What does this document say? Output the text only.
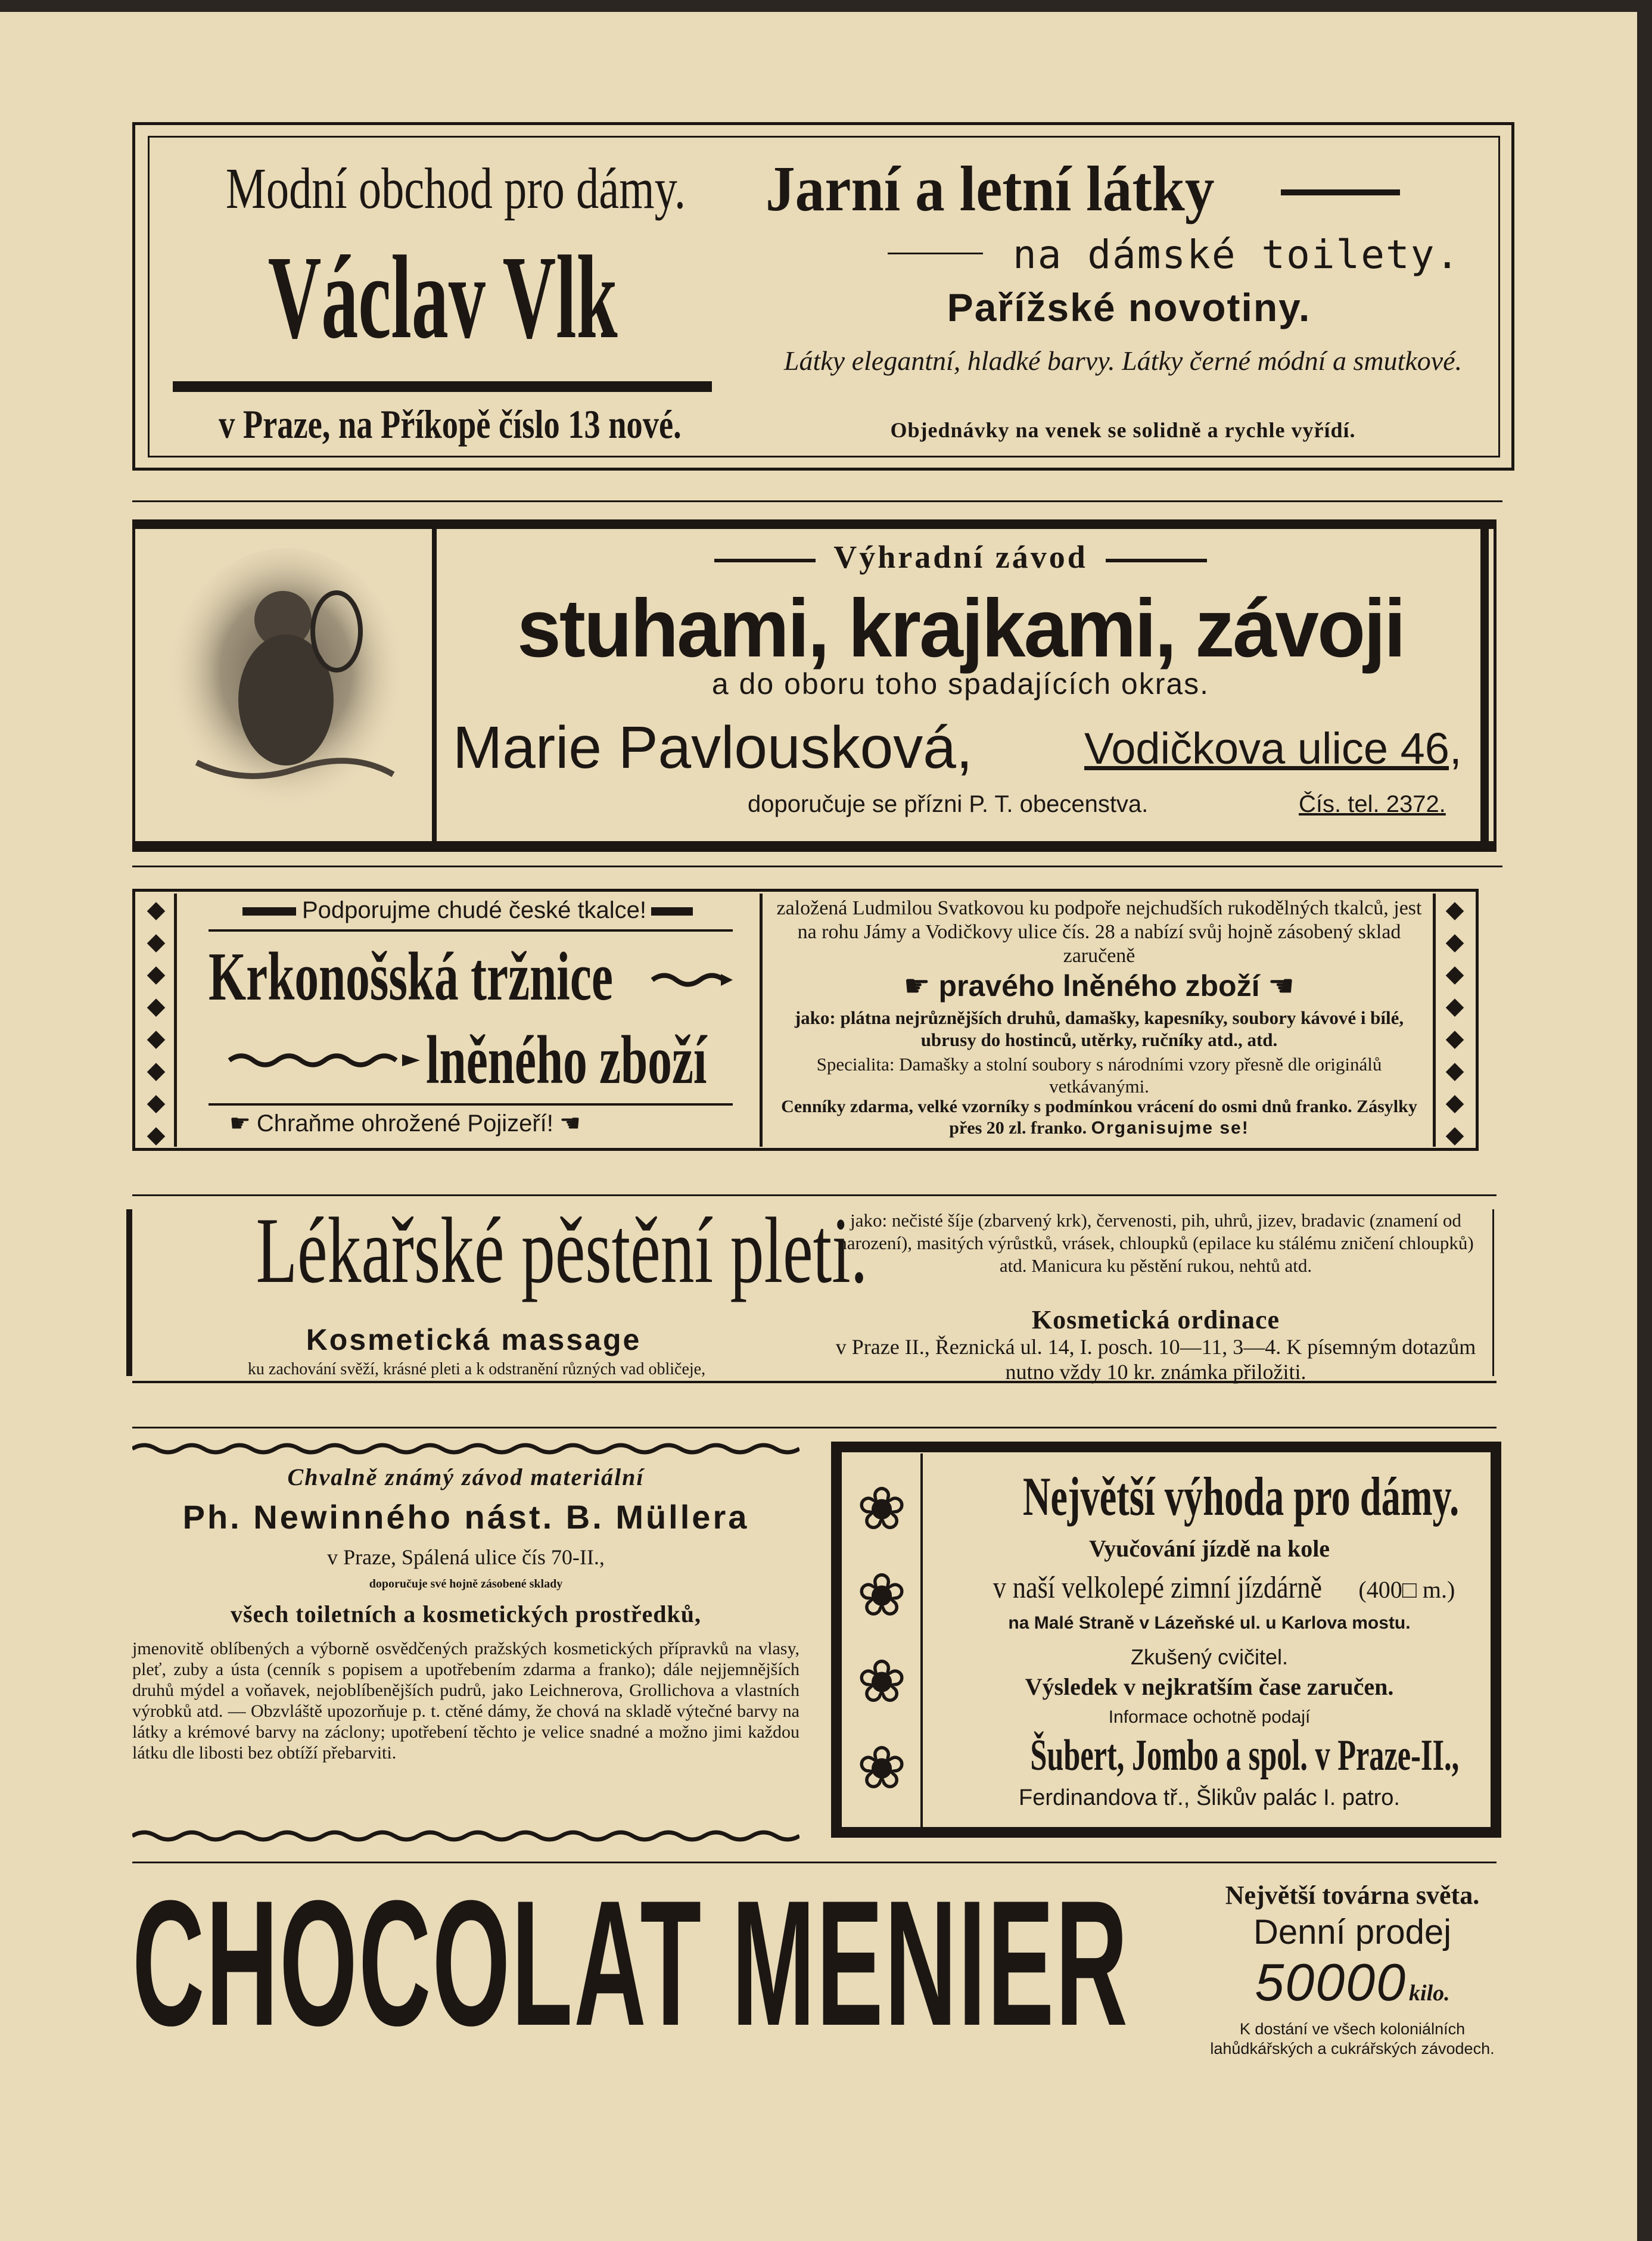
Modní obchod pro dámy.
Václav Vlk
v Praze, na Příkopě číslo 13 nové.
Jarní a letní látky
na dámské toilety.
Pařížské novotiny.
Látky elegantní, hladké barvy. Látky černé módní a smutkové.
Objednávky na venek se solidně a rychle vyřídí.
Výhradní závod
stuhami, krajkami, závoji
a do oboru toho spadajících okras.
Marie Pavlousková,	Vodičkova ulice 46,
doporučuje se přízni P. T. obecenstva.	Čís. tel. 2372.
◆
◆
◆
◆
◆
◆
◆
◆
◆
◆
◆
◆
◆
◆
◆
◆
Podporujme chudé české tkalce!
Krkonošská tržnice
lněného zboží
☛ Chraňme ohrožené Pojizeří! ☛
založená Ludmilou Svatkovou ku podpoře nejchudších rukodělných tkalců, jest na rohu Jámy a Vodičkovy ulice čís. 28 a nabízí svůj hojně zásobený sklad zaručeně
☛ pravého lněného zboží ☛
jako: plátna nejrůznějších druhů, damašky, kapesníky, soubory kávové i bílé, ubrusy do hostinců, utěrky, ručníky atd., atd.
Specialita: Damašky a stolní soubory s národními vzory přesně dle originálů vetkávanými.
Cenníky zdarma, velké vzorníky s podmínkou vrácení do osmi dnů franko. Zásylky přes 20 zl. franko. Organisujme se!
Lékařské pěstění pleti.
Kosmetická massage
ku zachování svěží, krásné pleti a k odstranění různých vad obličeje,
jako: nečisté šíje (zbarvený krk), červenosti, pih, uhrů, jizev, bradavic (znamení od narození), masitých výrůstků, vrásek, chloupků (epilace ku stálému zničení chloupků) atd. Manicura ku pěstění rukou, nehtů atd.
Kosmetická ordinace
v Praze II., Řeznická ul. 14, I. posch. 10—11, 3—4. K písemným dotazům nutno vždy 10 kr. známka přiložiti.
Chvalně známý závod materiální
Ph. Newinného nást. B. Müllera
v Praze, Spálená ulice čís 70-II.,
doporučuje své hojně zásobené sklady
všech toiletních a kosmetických prostředků,
jmenovitě oblíbených a výborně osvědčených pražských kosmetických přípravků na vlasy, pleť, zuby a ústa (cenník s popisem a upotřebením zdarma a franko); dále nejjemnějších druhů mýdel a voňavek, nejoblíbenějších pudrů, jako Leichnerova, Grollichova a vlastních výrobků atd. — Obzvláště upozorňuje p. t. ctěné dámy, že chová na skladě výtečné barvy na látky a krémové barvy na záclony; upotřebení těchto je velice snadné a možno jimi každou látku dle libosti bez obtíží přebarviti.
❀
❀
❀
❀
Největší výhoda pro dámy.
Vyučování jízdě na kole
v naší velkolepé zimní jízdárně (400□ m.)
na Malé Straně v Lázeňské ul. u Karlova mostu.
Zkušený cvičitel.
Výsledek v nejkratším čase zaručen.
Informace ochotně podají
Šubert, Jombo a spol. v Praze-II.,
Ferdinandova tř., Šlikův palác I. patro.
CHOCOLAT MENIER	Největší továrna světa.
Denní prodej
50000 kilo.
K dostání ve všech koloniálních lahůdkářských a cukrářských závodech.
